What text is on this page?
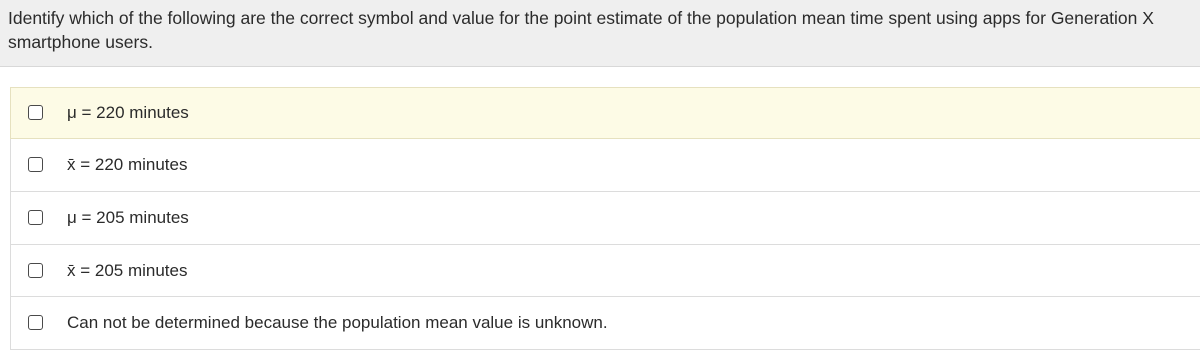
Identify which of the following are the correct symbol and value for the point estimate of the population mean time spent using apps for Generation X smartphone users.
μ = 220 minutes
x̄ = 220 minutes
μ = 205 minutes
x̄ = 205 minutes
Can not be determined because the population mean value is unknown.
